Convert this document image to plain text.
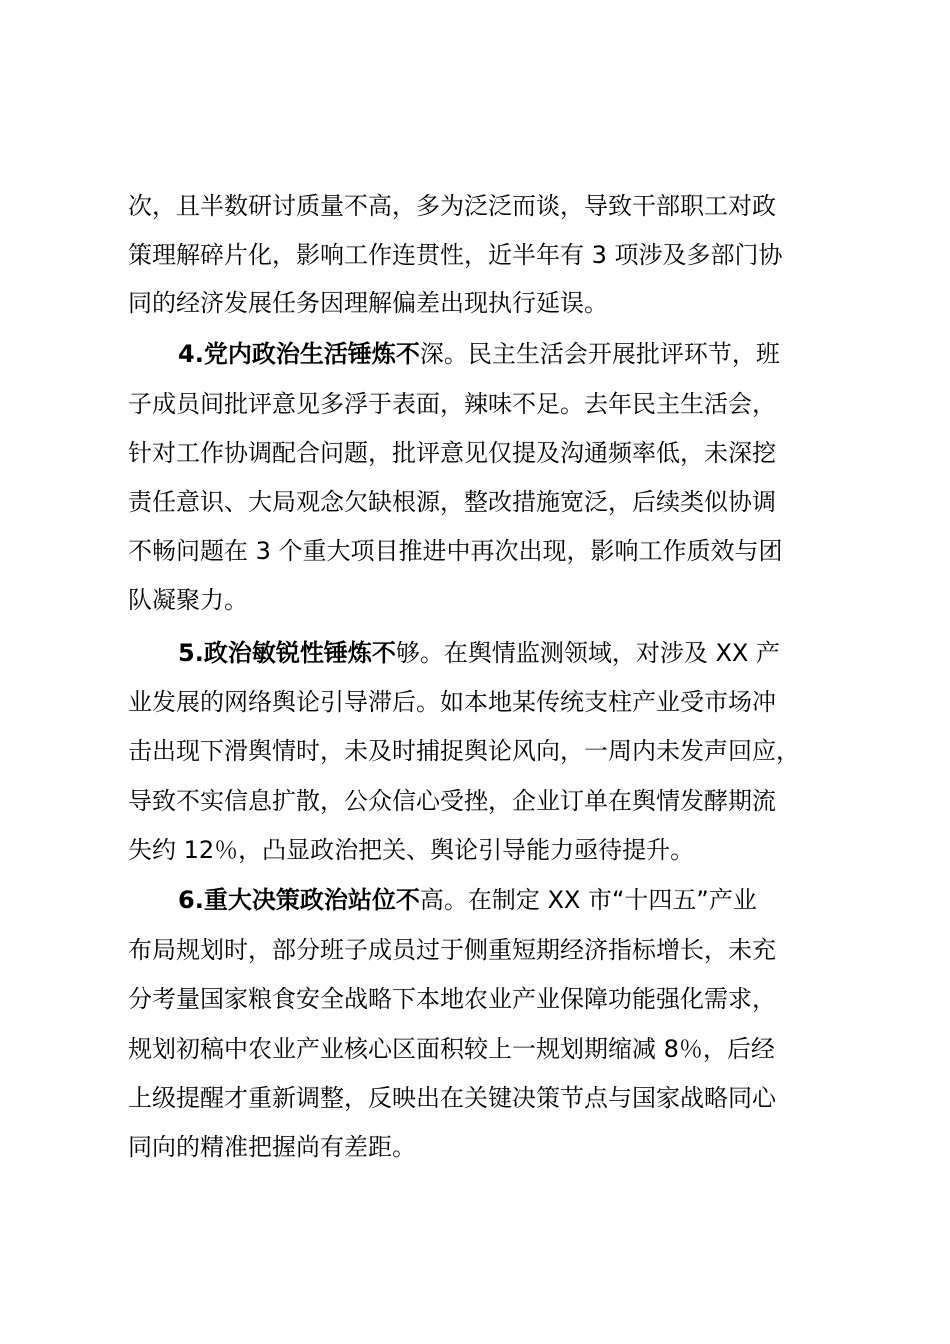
次，且半数研讨质量不高，多为泛泛而谈，导致干部职工对政
策理解碎片化，影响工作连贯性，近半年有 3 项涉及多部门协
同的经济发展任务因理解偏差出现执行延误。
4.党内政治生活锤炼不深。民主生活会开展批评环节，班
子成员间批评意见多浮于表面，辣味不足。去年民主生活会，
针对工作协调配合问题，批评意见仅提及沟通频率低，未深挖
责任意识、大局观念欠缺根源，整改措施宽泛，后续类似协调
不畅问题在 3 个重大项目推进中再次出现，影响工作质效与团
队凝聚力。
5.政治敏锐性锤炼不够。在舆情监测领域，对涉及 XX 产
业发展的网络舆论引导滞后。如本地某传统支柱产业受市场冲
击出现下滑舆情时，未及时捕捉舆论风向，一周内未发声回应，
导致不实信息扩散，公众信心受挫，企业订单在舆情发酵期流
失约 12％，凸显政治把关、舆论引导能力亟待提升。
6.重大决策政治站位不高。在制定 XX 市“十四五”产业
布局规划时，部分班子成员过于侧重短期经济指标增长，未充
分考量国家粮食安全战略下本地农业产业保障功能强化需求，
规划初稿中农业产业核心区面积较上一规划期缩减 8％，后经
上级提醒才重新调整，反映出在关键决策节点与国家战略同心
同向的精准把握尚有差距。
